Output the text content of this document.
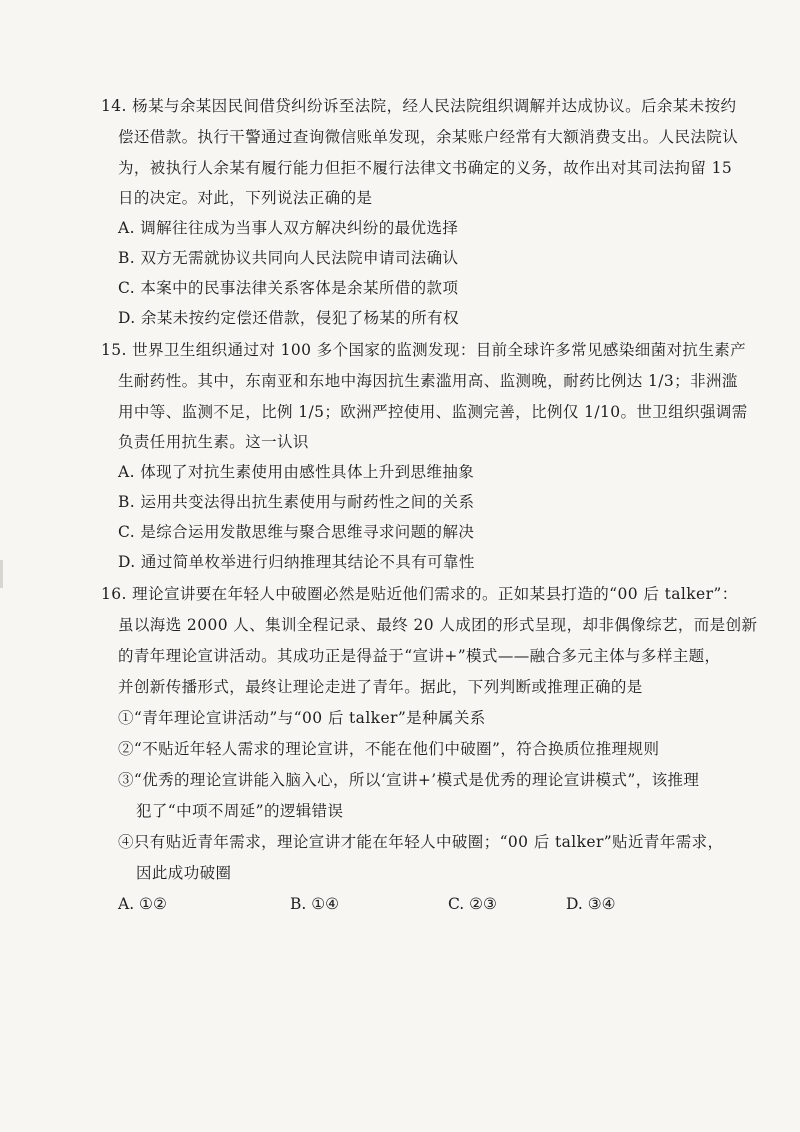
14. 杨某与余某因民间借贷纠纷诉至法院，经人民法院组织调解并达成协议。后余某未按约
偿还借款。执行干警通过查询微信账单发现，余某账户经常有大额消费支出。人民法院认
为，被执行人余某有履行能力但拒不履行法律文书确定的义务，故作出对其司法拘留 15
日的决定。对此，下列说法正确的是
A. 调解往往成为当事人双方解决纠纷的最优选择
B. 双方无需就协议共同向人民法院申请司法确认
C. 本案中的民事法律关系客体是余某所借的款项
D. 余某未按约定偿还借款，侵犯了杨某的所有权
15. 世界卫生组织通过对 100 多个国家的监测发现：目前全球许多常见感染细菌对抗生素产
生耐药性。其中，东南亚和东地中海因抗生素滥用高、监测晚，耐药比例达 1/3；非洲滥
用中等、监测不足，比例 1/5；欧洲严控使用、监测完善，比例仅 1/10。世卫组织强调需
负责任用抗生素。这一认识
A. 体现了对抗生素使用由感性具体上升到思维抽象
B. 运用共变法得出抗生素使用与耐药性之间的关系
C. 是综合运用发散思维与聚合思维寻求问题的解决
D. 通过简单枚举进行归纳推理其结论不具有可靠性
16. 理论宣讲要在年轻人中破圈必然是贴近他们需求的。正如某县打造的“00 后 talker”：
虽以海选 2000 人、集训全程记录、最终 20 人成团的形式呈现，却非偶像综艺，而是创新
的青年理论宣讲活动。其成功正是得益于“宣讲+”模式——融合多元主体与多样主题，
并创新传播形式，最终让理论走进了青年。据此，下列判断或推理正确的是
①“青年理论宣讲活动”与“00 后 talker”是种属关系
②“不贴近年轻人需求的理论宣讲，不能在他们中破圈”，符合换质位推理规则
③“优秀的理论宣讲能入脑入心，所以‘宣讲+’模式是优秀的理论宣讲模式”，该推理
犯了“中项不周延”的逻辑错误
④只有贴近青年需求，理论宣讲才能在年轻人中破圈；“00 后 talker”贴近青年需求，
因此成功破圈
A. ①②	B. ①④	C. ②③	D. ③④
